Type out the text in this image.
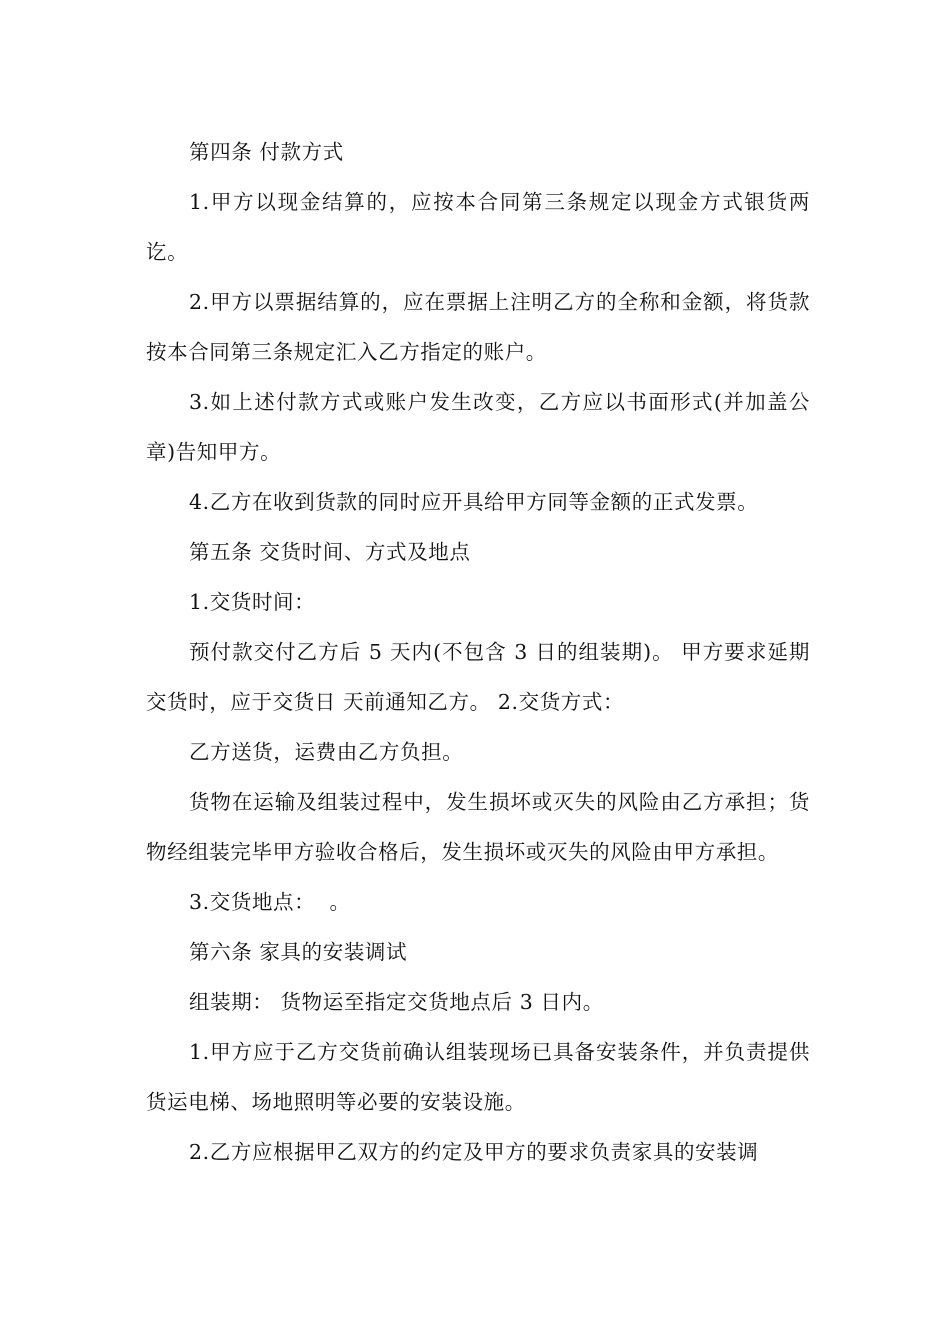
第四条 付款方式

1.甲方以现金结算的，应按本合同第三条规定以现金方式银货两讫。

2.甲方以票据结算的，应在票据上注明乙方的全称和金额，将货款按本合同第三条规定汇入乙方指定的账户。

3.如上述付款方式或账户发生改变，乙方应以书面形式(并加盖公章)告知甲方。

4.乙方在收到货款的同时应开具给甲方同等金额的正式发票。

第五条 交货时间、方式及地点

1.交货时间：

预付款交付乙方后 5 天内(不包含 3 日的组装期)。 甲方要求延期交货时，应于交货日 天前通知乙方。 2.交货方式：

乙方送货，运费由乙方负担。

货物在运输及组装过程中，发生损坏或灭失的风险由乙方承担；货物经组装完毕甲方验收合格后，发生损坏或灭失的风险由甲方承担。

3.交货地点：  。

第六条 家具的安装调试

组装期： 货物运至指定交货地点后 3 日内。

1.甲方应于乙方交货前确认组装现场已具备安装条件，并负责提供货运电梯、场地照明等必要的安装设施。

2.乙方应根据甲乙双方的约定及甲方的要求负责家具的安装调
